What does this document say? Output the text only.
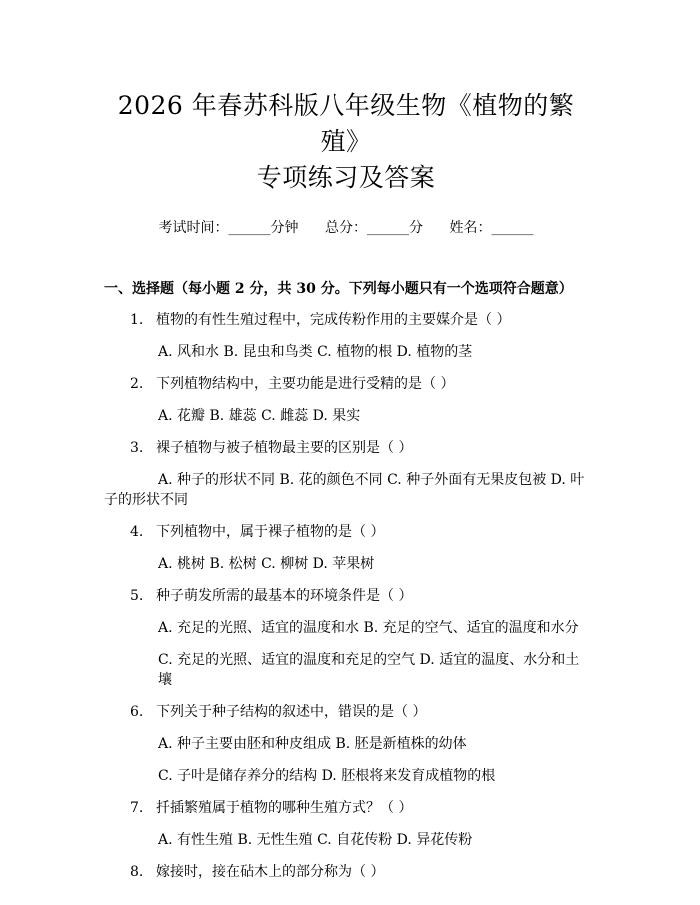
2026 年春苏科版八年级生物《植物的繁殖》
专项练习及答案
考试时间：______分钟 总分：______分 姓名：______
一、选择题（每小题 2 分，共 30 分。下列每小题只有一个选项符合题意）
1. 植物的有性生殖过程中，完成传粉作用的主要媒介是（ ）
A. 风和水 B. 昆虫和鸟类 C. 植物的根 D. 植物的茎
2. 下列植物结构中，主要功能是进行受精的是（ ）
A. 花瓣 B. 雄蕊 C. 雌蕊 D. 果实
3. 裸子植物与被子植物最主要的区别是（ ）
A. 种子的形状不同 B. 花的颜色不同 C. 种子外面有无果皮包被 D. 叶子的形状不同
4. 下列植物中，属于裸子植物的是（ ）
A. 桃树 B. 松树 C. 柳树 D. 苹果树
5. 种子萌发所需的最基本的环境条件是（ ）
A. 充足的光照、适宜的温度和水 B. 充足的空气、适宜的温度和水分
C. 充足的光照、适宜的温度和充足的空气 D. 适宜的温度、水分和土壤
6. 下列关于种子结构的叙述中，错误的是（ ）
A. 种子主要由胚和种皮组成 B. 胚是新植株的幼体
C. 子叶是储存养分的结构 D. 胚根将来发育成植物的根
7. 扦插繁殖属于植物的哪种生殖方式？（ ）
A. 有性生殖 B. 无性生殖 C. 自花传粉 D. 异花传粉
8. 嫁接时，接在砧木上的部分称为（ ）
